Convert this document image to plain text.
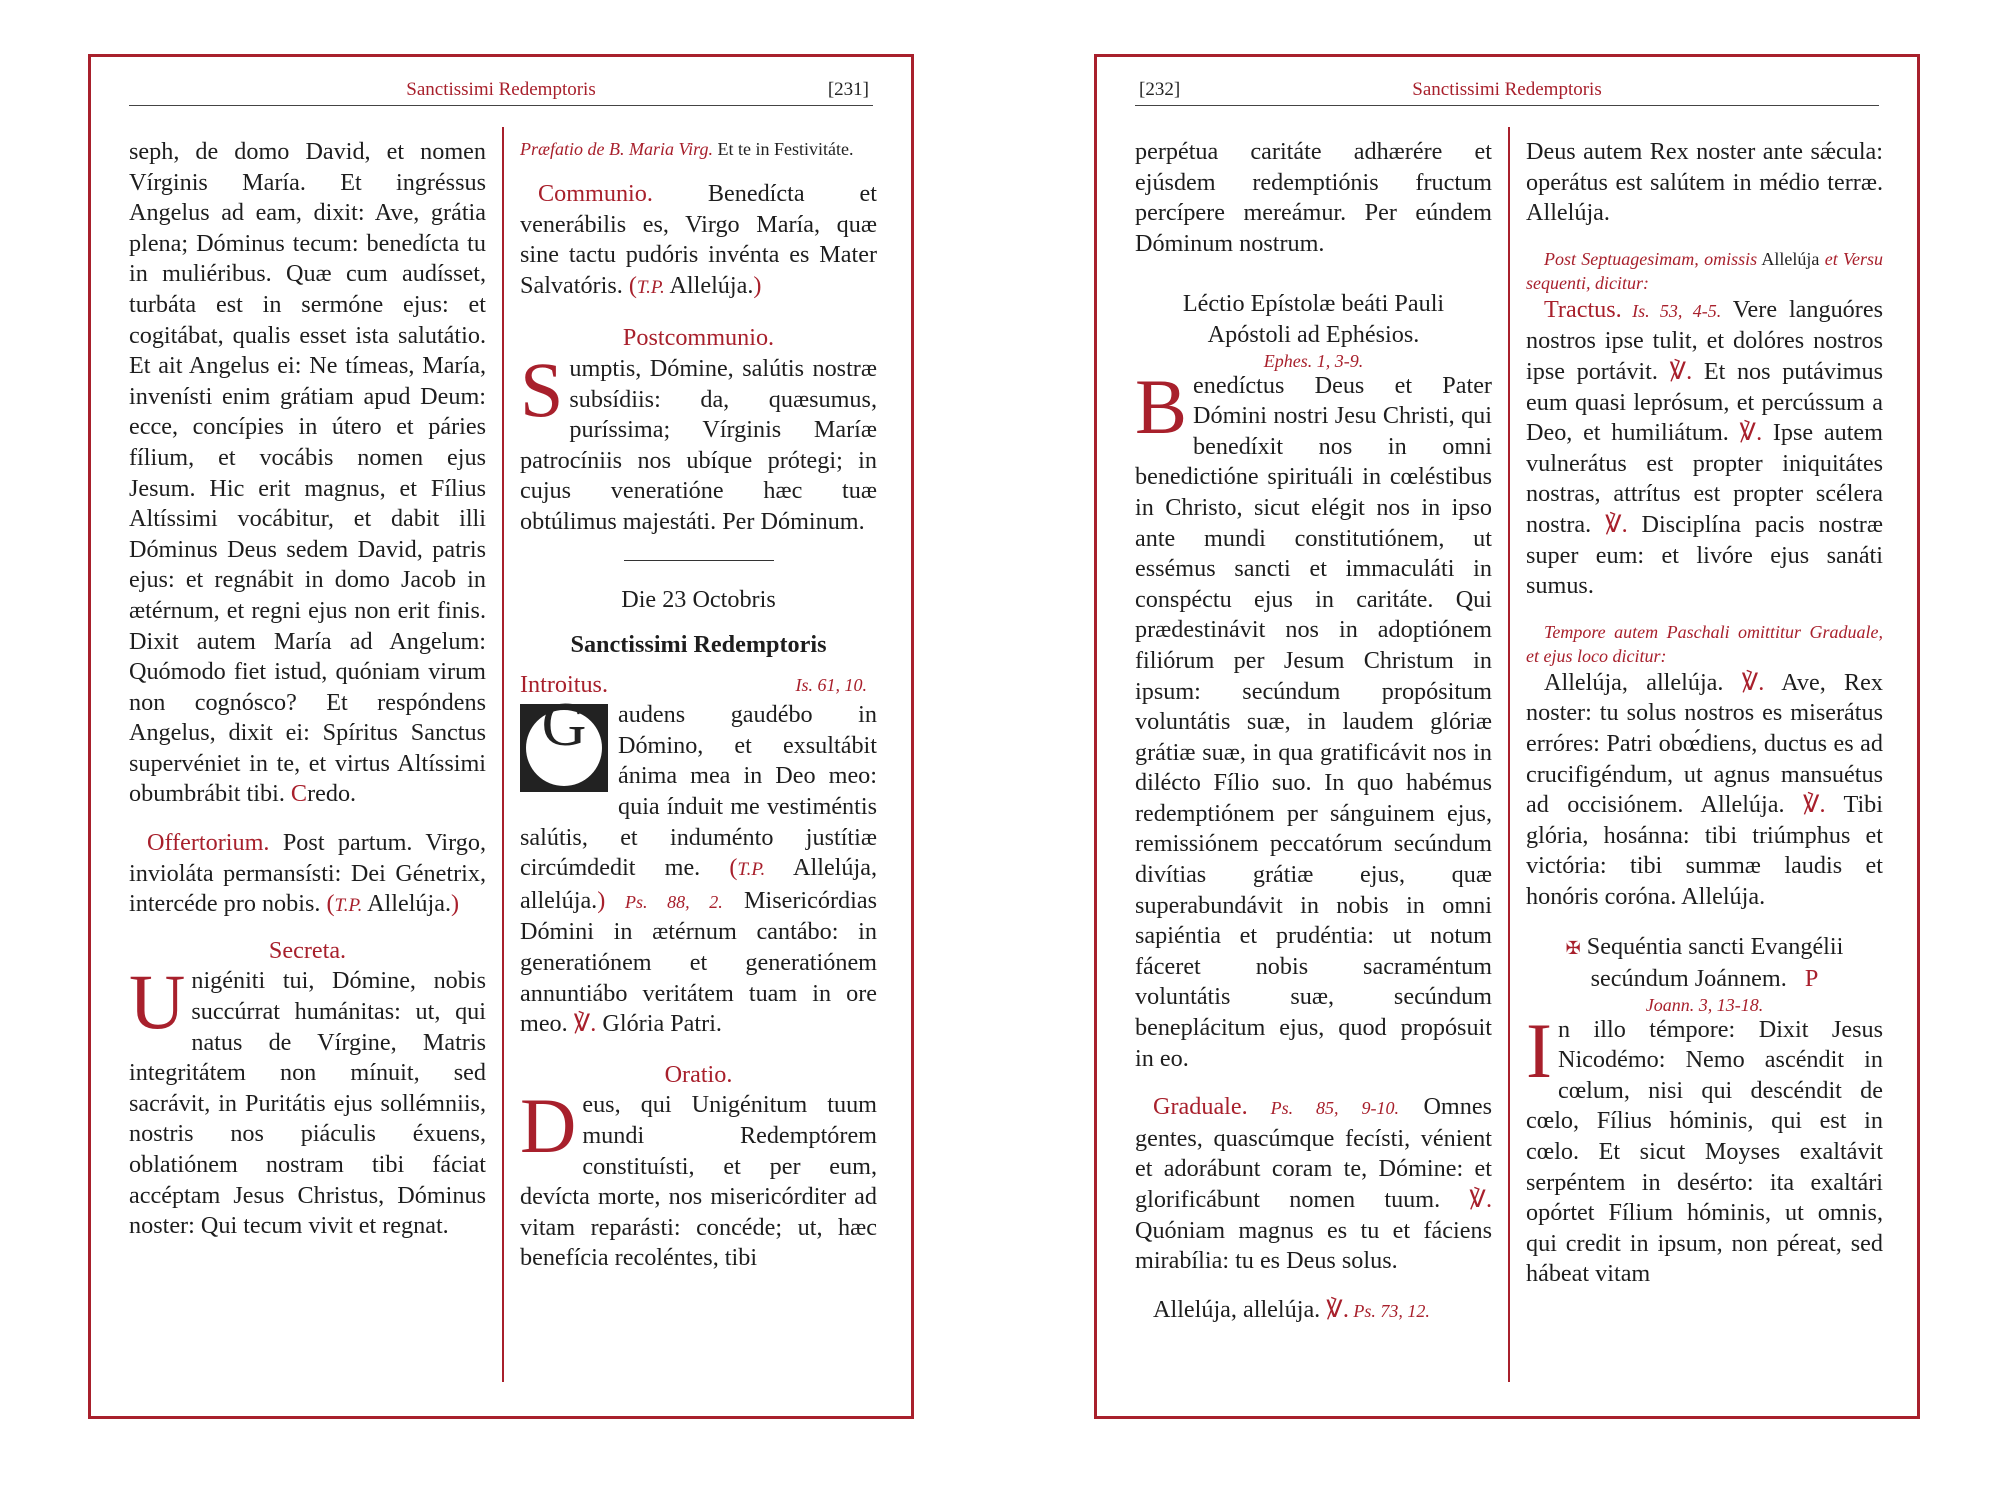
Sanctissimi Redemptoris	[231]

seph, de domo David, et nomen Vírginis María. Et ingréssus Angelus ad eam, dixit: Ave, grátia plena; Dóminus tecum: benedícta tu in muliéribus. Quæ cum audísset, turbáta est in sermóne ejus: et cogitábat, qualis esset ista salutátio. Et ait Angelus ei: Ne tímeas, María, invenísti enim grátiam apud Deum: ecce, concípies in útero et páries fílium, et vocábis nomen ejus Jesum. Hic erit magnus, et Fílius Altíssimi vocábitur, et dabit illi Dóminus Deus sedem David, patris ejus: et regnábit in domo Jacob in ætérnum, et regni ejus non erit finis. Dixit autem María ad Angelum: Quómodo fiet istud, quóniam virum non cognósco? Et respóndens Angelus, dixit ei: Spíritus Sanctus supervéniet in te, et virtus Altíssimi obumbrábit tibi. Credo.

Offertorium. Post partum. Virgo, invioláta permansísti: Dei Génetrix, intercéde pro nobis. (T.P. Allelúja.)

Secreta.

Unigéniti tui, Dómine, nobis succúrrat humánitas: ut, qui natus de Vírgine, Matris integritátem non mínuit, sed sacrávit, in Puritátis ejus sollémniis, nostris nos piáculis éxuens, oblatiónem nostram tibi fáciat accéptam Jesus Christus, Dóminus noster: Qui tecum vivit et regnat.

Præfatio de B. Maria Virg. Et te in Festivitáte.

Communio. Benedícta et venerábilis es, Virgo María, quæ sine tactu pudóris invénta es Mater Salvatóris. (T.P. Allelúja.)

Postcommunio.

Sumptis, Dómine, salútis nostræ subsídiis: da, quæsumus, puríssima; Vírginis Maríæ patrocíniis nos ubíque prótegi; in cujus veneratióne hæc tuæ obtúlimus majestáti. Per Dóminum.

Die 23 Octobris
Sanctissimi Redemptoris
Introitus.	Is. 61, 10.

G	audens gaudébo in Dómino, et exsultábit ánima mea in Deo meo: quia índuit me vestiméntis salútis, et induménto justítiæ circúmdedit me. (T.P. Allelúja, allelúja.) Ps. 88, 2. Misericórdias Dómini in ætérnum cantábo: in generatiónem et generatiónem annuntiábo veritátem tuam in ore meo. ℣. Glória Patri.

Oratio.

Deus, qui Unigénitum tuum mundi Redemptórem constituísti, et per eum, devícta morte, nos misericórditer ad vitam reparásti: concéde; ut, hæc benefícia recoléntes, tibi

[232]	Sanctissimi Redemptoris

perpétua caritáte adhærére et ejúsdem redemptiónis fructum percípere mereámur. Per eúndem Dóminum nostrum.

Léctio Epístolæ beáti Pauli
Apóstoli ad Ephésios.
Ephes. 1, 3-9.

Benedíctus Deus et Pater Dómini nostri Jesu Christi, qui benedíxit nos in omni benedictióne spirituáli in cœléstibus in Christo, sicut elégit nos in ipso ante mundi constitutiónem, ut essémus sancti et immaculáti in conspéctu ejus in caritáte. Qui prædestinávit nos in adoptiónem filiórum per Jesum Christum in ipsum: secúndum propósitum voluntátis suæ, in laudem glóriæ grátiæ suæ, in qua gratificávit nos in dilécto Fílio suo. In quo habémus redemptiónem per sánguinem ejus, remissiónem peccatórum secúndum divítias grátiæ ejus, quæ superabundávit in nobis in omni sapiéntia et prudéntia: ut notum fáceret nobis sacraméntum voluntátis suæ, secúndum beneplácitum ejus, quod propósuit in eo.

Graduale. Ps. 85, 9-10. Omnes gentes, quascúmque fecísti, vénient et adorábunt coram te, Dómine: et glorificábunt nomen tuum. ℣. Quóniam magnus es tu et fáciens mirabília: tu es Deus solus.

Allelúja, allelúja. ℣. Ps. 73, 12.

Deus autem Rex noster ante sǽcula: operátus est salútem in médio terræ. Allelúja.

Post Septuagesimam, omissis Allelúja et Versu sequenti, dicitur:

Tractus. Is. 53, 4-5. Vere languóres nostros ipse tulit, et dolóres nostros ipse portávit. ℣. Et nos putávimus eum quasi leprósum, et percússum a Deo, et humiliátum. ℣. Ipse autem vulnerátus est propter iniquitátes nostras, attrítus est propter scélera nostra. ℣. Disciplína pacis nostræ super eum: et livóre ejus sanáti sumus.

Tempore autem Paschali omittitur Graduale, et ejus loco dicitur:

Allelúja, allelúja. ℣. Ave, Rex noster: tu solus nostros es miserátus erróres: Patri obœ́diens, ductus es ad crucifigéndum, ut agnus mansuétus ad occisiónem. Allelúja. ℣. Tibi glória, hosánna: tibi triúmphus et victória: tibi summæ laudis et honóris coróna. Allelúja.

✠ Sequéntia sancti Evangélii
secúndum Joánnem. P
Joann. 3, 13-18.

In illo témpore: Dixit Jesus Nicodémo: Nemo ascéndit in cœlum, nisi qui descéndit de cœlo, Fílius hóminis, qui est in cœlo. Et sicut Moyses exaltávit serpéntem in desérto: ita exaltári opórtet Fílium hóminis, ut omnis, qui credit in ipsum, non péreat, sed hábeat vitam
